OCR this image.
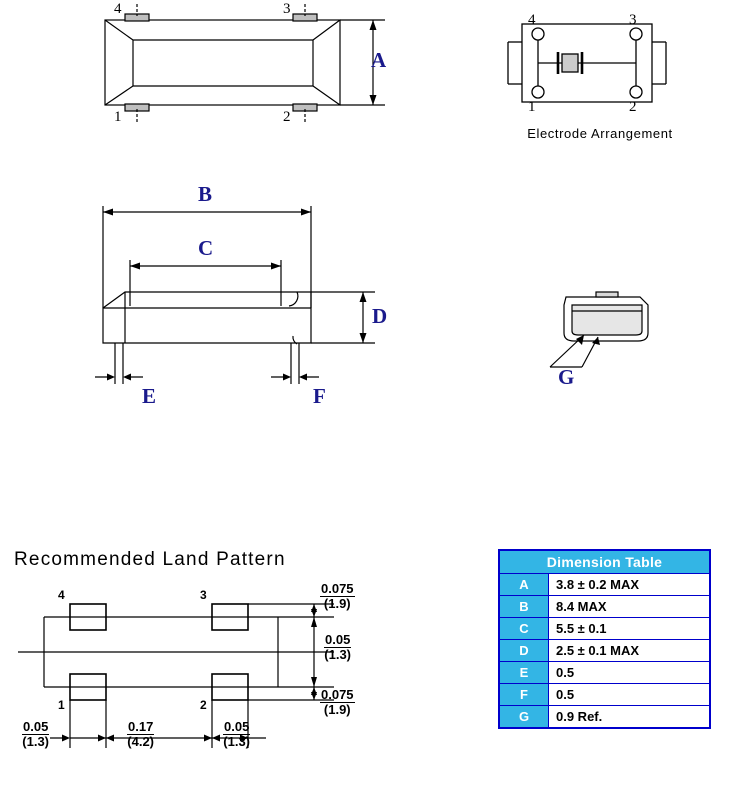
4	3
1	2
A
4	3
1	2
Electrode Arrangement
B
C
D
E	F
G
Recommended Land Pattern
4	3
1	2
0.075
(1.9)
0.05
(1.3)
0.075
(1.9)
0.05
(1.3)
0.17
(4.2)
0.05
(1.3)
Dimension Table	
A	3.8 ± 0.2 MAX
B	8.4 MAX
C	5.5 ± 0.1
D	2.5 ± 0.1 MAX
E	0.5
F	0.5
G	0.9 Ref.
